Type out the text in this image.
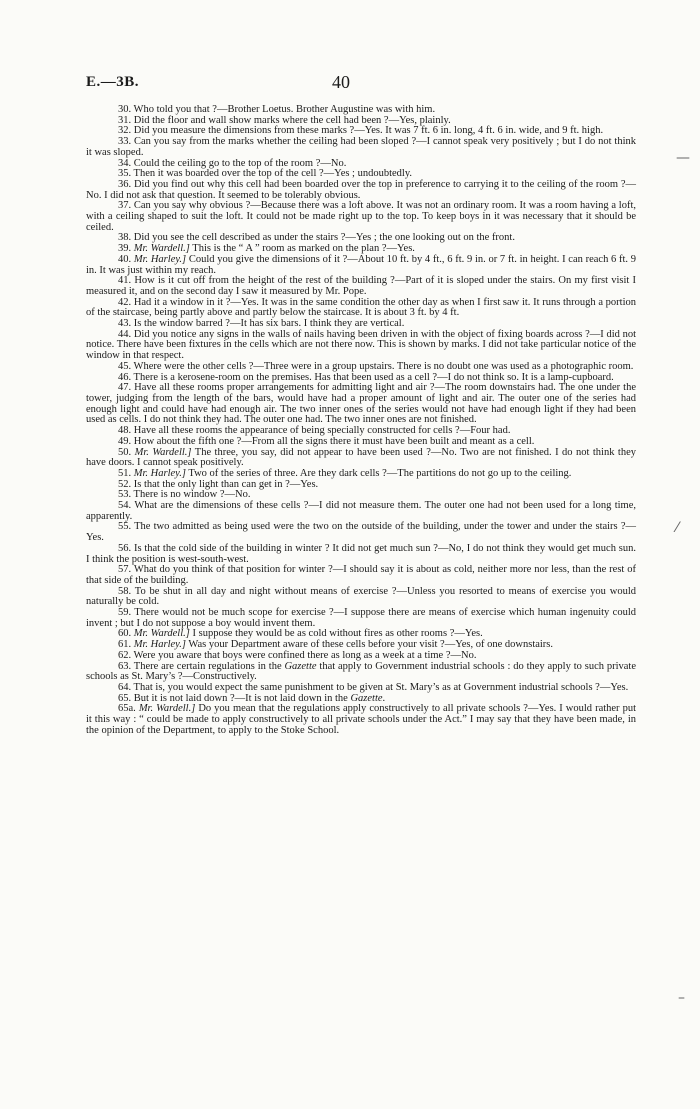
E.—3B.	40

30. Who told you that ?—Brother Loetus. Brother Augustine was with him.

31. Did the floor and wall show marks where the cell had been ?—Yes, plainly.

32. Did you measure the dimensions from these marks ?—Yes. It was 7 ft. 6 in. long, 4 ft. 6 in. wide, and 9 ft. high.

33. Can you say from the marks whether the ceiling had been sloped ?—I cannot speak very positively ; but I do not think it was sloped.

34. Could the ceiling go to the top of the room ?—No.

35. Then it was boarded over the top of the cell ?—Yes ; undoubtedly.

36. Did you find out why this cell had been boarded over the top in preference to carrying it to the ceiling of the room ?—No. I did not ask that question. It seemed to be tolerably obvious.

37. Can you say why obvious ?—Because there was a loft above. It was not an ordinary room. It was a room having a loft, with a ceiling shaped to suit the loft. It could not be made right up to the top. To keep boys in it was necessary that it should be ceiled.

38. Did you see the cell described as under the stairs ?—Yes ; the one looking out on the front.

39. Mr. Wardell.] This is the “ A ” room as marked on the plan ?—Yes.

40. Mr. Harley.] Could you give the dimensions of it ?—About 10 ft. by 4 ft., 6 ft. 9 in. or 7 ft. in height. I can reach 6 ft. 9 in. It was just within my reach.

41. How is it cut off from the height of the rest of the building ?—Part of it is sloped under the stairs. On my first visit I measured it, and on the second day I saw it measured by Mr. Pope.

42. Had it a window in it ?—Yes. It was in the same condition the other day as when I first saw it. It runs through a portion of the staircase, being partly above and partly below the staircase. It is about 3 ft. by 4 ft.

43. Is the window barred ?—It has six bars. I think they are vertical.

44. Did you notice any signs in the walls of nails having been driven in with the object of fixing boards across ?—I did not notice. There have been fixtures in the cells which are not there now. This is shown by marks. I did not take particular notice of the window in that respect.

45. Where were the other cells ?—Three were in a group upstairs. There is no doubt one was used as a photographic room.

46. There is a kerosene-room on the premises. Has that been used as a cell ?—I do not think so. It is a lamp-cupboard.

47. Have all these rooms proper arrangements for admitting light and air ?—The room downstairs had. The one under the tower, judging from the length of the bars, would have had a proper amount of light and air. The outer one of the series had enough light and could have had enough air. The two inner ones of the series would not have had enough light if they had been used as cells. I do not think they had. The outer one had. The two inner ones are not finished.

48. Have all these rooms the appearance of being specially constructed for cells ?—Four had.

49. How about the fifth one ?—From all the signs there it must have been built and meant as a cell.

50. Mr. Wardell.] The three, you say, did not appear to have been used ?—No. Two are not finished. I do not think they have doors. I cannot speak positively.

51. Mr. Harley.] Two of the series of three. Are they dark cells ?—The partitions do not go up to the ceiling.

52. Is that the only light than can get in ?—Yes.

53. There is no window ?—No.

54. What are the dimensions of these cells ?—I did not measure them. The outer one had not been used for a long time, apparently.

55. The two admitted as being used were the two on the outside of the building, under the tower and under the stairs ?—Yes.

56. Is that the cold side of the building in winter ? It did not get much sun ?—No, I do not think they would get much sun. I think the position is west-south-west.

57. What do you think of that position for winter ?—I should say it is about as cold, neither more nor less, than the rest of that side of the building.

58. To be shut in all day and night without means of exercise ?—Unless you resorted to means of exercise you would naturally be cold.

59. There would not be much scope for exercise ?—I suppose there are means of exercise which human ingenuity could invent ; but I do not suppose a boy would invent them.

60. Mr. Wardell.] I suppose they would be as cold without fires as other rooms ?—Yes.

61. Mr. Harley.] Was your Department aware of these cells before your visit ?—Yes, of one downstairs.

62. Were you aware that boys were confined there as long as a week at a time ?—No.

63. There are certain regulations in the Gazette that apply to Government industrial schools : do they apply to such private schools as St. Mary’s ?—Constructively.

64. That is, you would expect the same punishment to be given at St. Mary’s as at Government industrial schools ?—Yes.

65. But it is not laid down ?—It is not laid down in the Gazette.

65a. Mr. Wardell.] Do you mean that the regulations apply constructively to all private schools ?—Yes. I would rather put it this way : “ could be made to apply constructively to all private schools under the Act.” I may say that they have been made, in the opinion of the Department, to apply to the Stoke School.

—
⁄
–
